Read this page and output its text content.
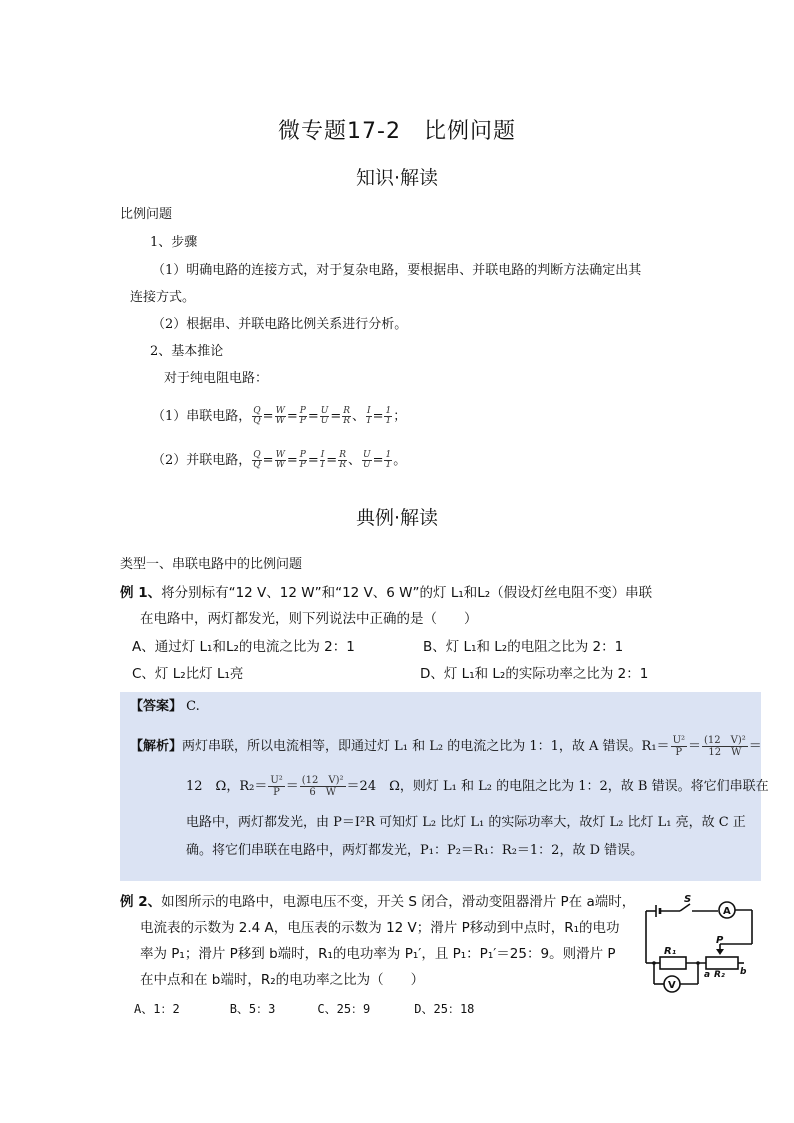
微专题17-2　比例问题
知识·解读
比例问题
1、步骤
（1）明确电路的连接方式，对于复杂电路，要根据串、并联电路的判断方法确定出其
连接方式。
（2）根据串、并联电路比例关系进行分析。
2、基本推论
对于纯电阻电路：
（1）串联电路， $\frac{Q}{Q} = \frac{W}{W} = \frac{P}{P} = \frac{U}{U} = \frac{R}{R}$ 、 $\frac{I}{I} = \frac{1}{1}$ ；
（2）并联电路， $\frac{Q}{Q} = \frac{W}{W} = \frac{P}{P} = \frac{I}{I} = \frac{R}{R}$ 、 $\frac{U}{U} = \frac{1}{1}$ 。
典例·解读
类型一、串联电路中的比例问题
例 1、将分别标有“12 V、12 W”和“12 V、6 W”的灯 L₁和L₂（假设灯丝电阻不变）串联
在电路中，两灯都发光，则下列说法中正确的是（　　）
A、通过灯 L₁和L₂的电流之比为 2：1	B、灯 L₁和 L₂的电阻之比为 2：1
C、灯 L₂比灯 L₁亮	D、灯 L₁和 L₂的实际功率之比为 2：1
【答案】 C.
【解析】两灯串联，所以电流相等，即通过灯 L₁ 和 L₂ 的电流之比为 1：1，故 A 错误。$R_1= \frac{\text{U²}}{P} = \frac{\text{(12　V)²}}{12 W}$ ＝
12　Ω，$R_2= \frac{\text{U²}}{P} = \frac{\text{(12　V)²}}{6 W} =24$　Ω，则灯 L₁ 和 L₂ 的电阻之比为 1：2，故 B 错误。将它们串联在
电路中，两灯都发光，由 P＝I²R 可知灯 L₂ 比灯 L₁ 的实际功率大，故灯 L₂ 比灯 L₁ 亮，故 C 正
确。将它们串联在电路中，两灯都发光，P₁：P₂＝R₁：R₂＝1：2，故 D 错误。
例 2、如图所示的电路中，电源电压不变，开关 S 闭合，滑动变阻器滑片 P在 a端时，
电流表的示数为 2.4 A，电压表的示数为 12 V；滑片 P移动到中点时，R₁的电功
率为 P₁；滑片 P移到 b端时，R₁的电功率为 P₁′，且 P₁：P₁′＝25：9。则滑片 P
在中点和在 b端时，R₂的电功率之比为（　　）
A、1：2	B、5：3	C、25：9	D、25：18
S
A
V
R₁
P
a R₂ b
